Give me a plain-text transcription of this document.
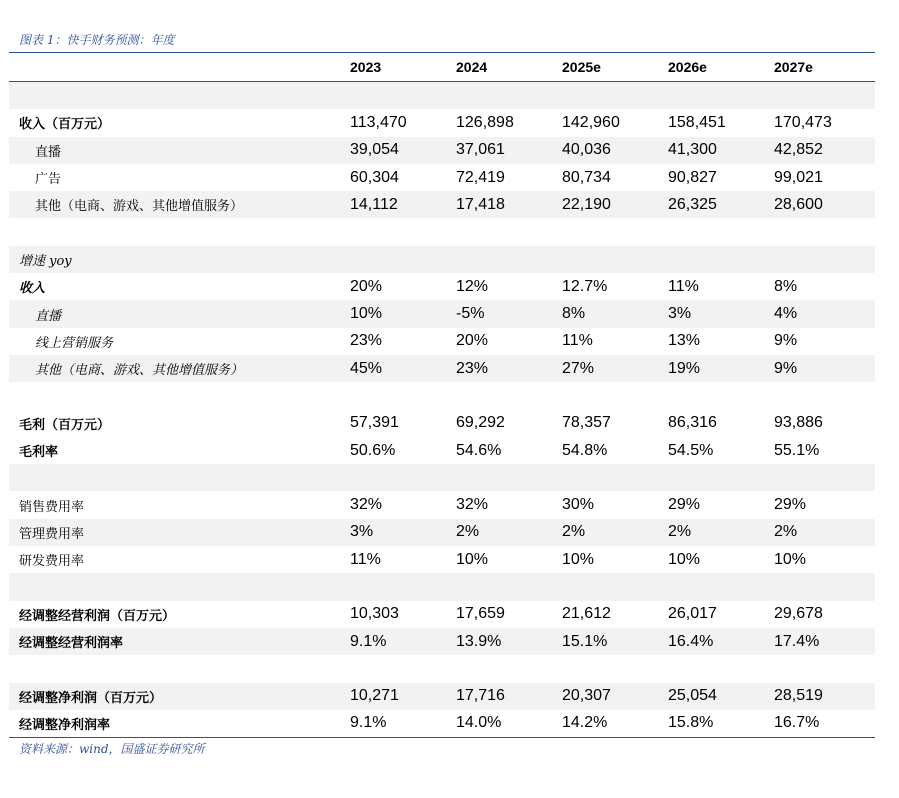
图表 1：快手财务预测：年度
	2023	2024	2025e	2026e	2027e

收入（百万元）	113,470	126,898	142,960	158,451	170,473
直播	39,054	37,061	40,036	41,300	42,852
广告	60,304	72,419	80,734	90,827	99,021
其他（电商、游戏、其他增值服务）	14,112	17,418	22,190	26,325	28,600

增速 yoy					
收入	20%	12%	12.7%	11%	8%
直播	10%	-5%	8%	3%	4%
线上营销服务	23%	20%	11%	13%	9%
其他（电商、游戏、其他增值服务）	45%	23%	27%	19%	9%

毛利（百万元）	57,391	69,292	78,357	86,316	93,886
毛利率	50.6%	54.6%	54.8%	54.5%	55.1%

销售费用率	32%	32%	30%	29%	29%
管理费用率	3%	2%	2%	2%	2%
研发费用率	11%	10%	10%	10%	10%

经调整经营利润（百万元）	10,303	17,659	21,612	26,017	29,678
经调整经营利润率	9.1%	13.9%	15.1%	16.4%	17.4%

经调整净利润（百万元）	10,271	17,716	20,307	25,054	28,519
经调整净利润率	9.1%	14.0%	14.2%	15.8%	16.7%
资料来源：wind，国盛证券研究所
